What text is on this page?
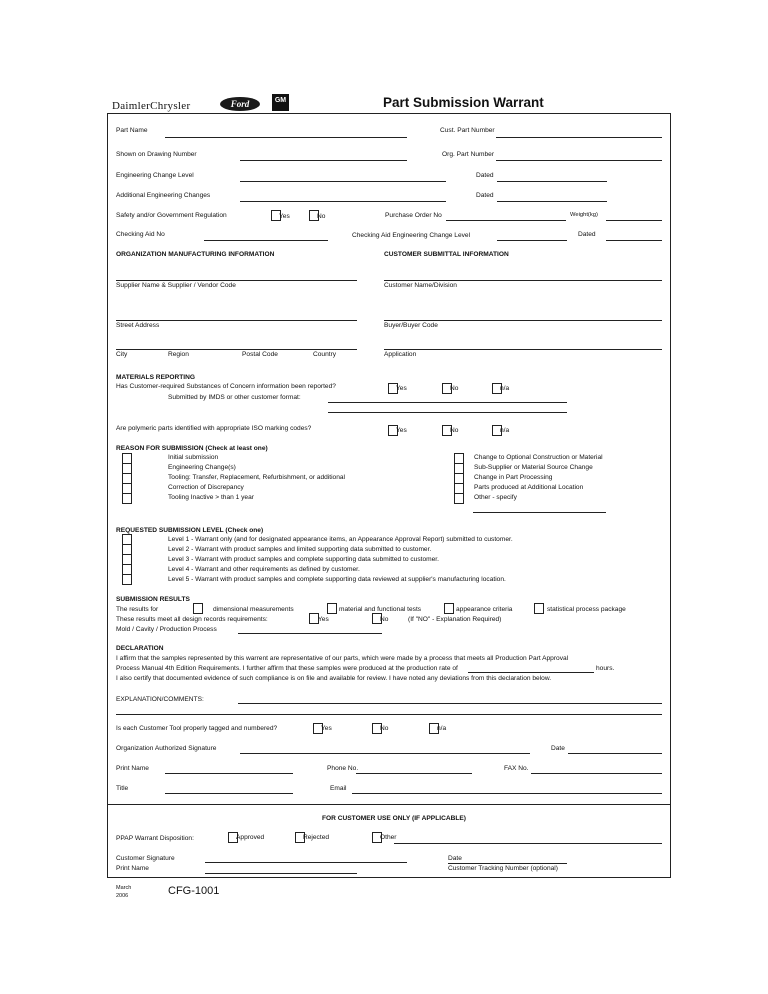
DaimlerChrysler	Ford	GM	Part Submission Warrant
Part Name	Cust. Part Number
Shown on Drawing Number	Org. Part Number
Engineering Change Level	Dated
Additional Engineering Changes	Dated
Safety and/or Government Regulation	Yes	No	Purchase Order No	Weight(kg)
Checking Aid No	Checking Aid Engineering Change Level	Dated
ORGANIZATION MANUFACTURING INFORMATION	CUSTOMER SUBMITTAL INFORMATION
Supplier Name & Supplier / Vendor Code	Customer Name/Division
Street Address	Buyer/Buyer Code
City	Region	Postal Code	Country	Application
MATERIALS REPORTING
Has Customer-required Substances of Concern information been reported?	Yes	No	n/a
Submitted by IMDS or other customer format:
Are polymeric parts identified with appropriate ISO marking codes?	Yes	No	n/a
REASON FOR SUBMISSION (Check at least one)
Initial submission
Engineering Change(s)
Tooling: Transfer, Replacement, Refurbishment, or additional
Correction of Discrepancy
Tooling Inactive > than 1 year
Change to Optional Construction or Material
Sub-Supplier or Material Source Change
Change in Part Processing
Parts produced at Additional Location
Other - specify
REQUESTED SUBMISSION LEVEL (Check one)
Level 1 - Warrant only (and for designated appearance items, an Appearance Approval Report) submitted to customer.
Level 2 - Warrant with product samples and limited supporting data submitted to customer.
Level 3 - Warrant with product samples and complete supporting data submitted to customer.
Level 4 - Warrant and other requirements as defined by customer.
Level 5 - Warrant with product samples and complete supporting data reviewed at supplier's manufacturing location.
SUBMISSION RESULTS
The results for	dimensional measurements	material and functional tests	appearance criteria	statistical process package
These results meet all design records requirements:	Yes	No	(If "NO" - Explanation Required)
Mold / Cavity / Production Process
DECLARATION
I affirm that the samples represented by this warrent are representative of our parts, which were made by a process that meets all Production Part Approval
Process Manual 4th Edition Requirements. I further affirm that these samples were produced at the production rate of	hours.
I also certify that documented evidence of such compliance is on file and available for review. I have noted any deviations from this declaration below.
EXPLANATION/COMMENTS:
Is each Customer Tool properly tagged and numbered?	Yes	No	n/a
Organization Authorized Signature	Date
Print Name	Phone No.	FAX No.
Title	Email
FOR CUSTOMER USE ONLY (IF APPLICABLE)
PPAP Warrant Disposition:	Approved	Rejected	Other
Customer Signature	Date
Print Name	Customer Tracking Number (optional)
March
2006	CFG-1001
